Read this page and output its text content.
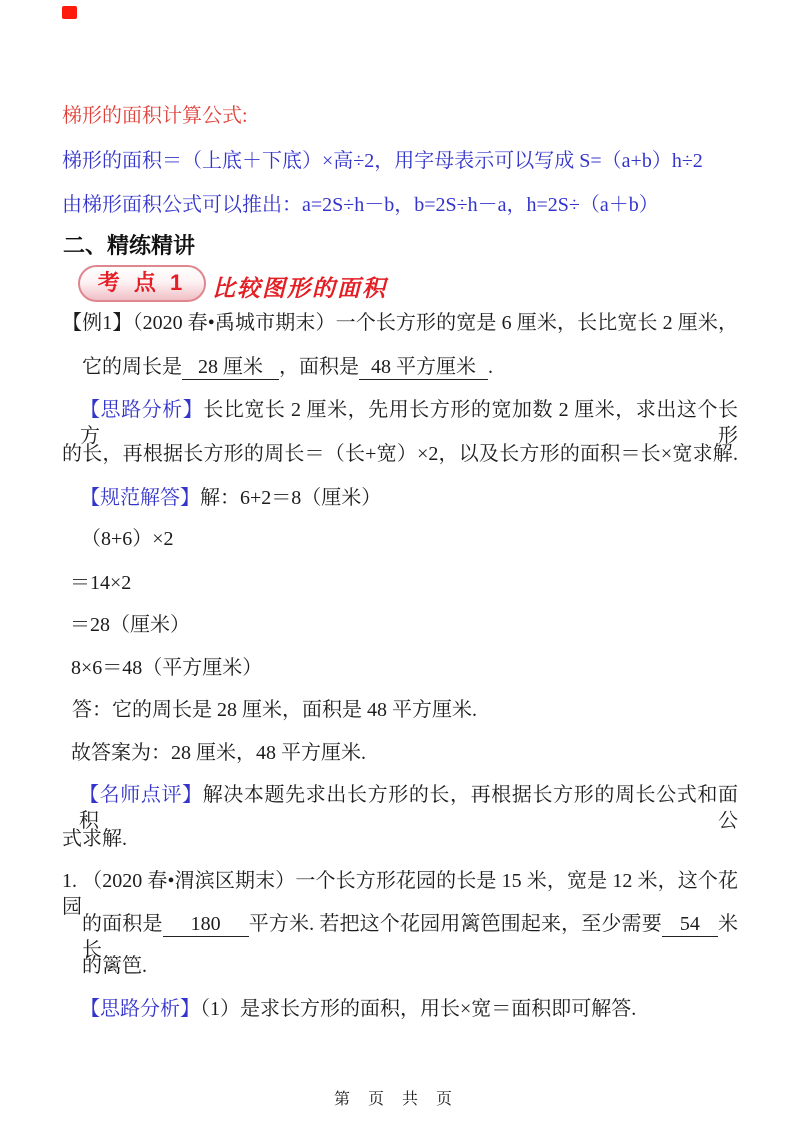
梯形的面积计算公式:
梯形的面积＝（上底＋下底）×高÷2，用字母表示可以写成 S=（a+b）h÷2
由梯形面积公式可以推出：a=2S÷h－b，b=2S÷h－a，h=2S÷（a＋b）
二、精练精讲
考 点 1 比较图形的面积
【例1】（2020 春•禹城市期末）一个长方形的宽是 6 厘米，长比宽长 2 厘米，
它的周长是 28 厘米 ，面积是 48 平方厘米 .
【思路分析】长比宽长 2 厘米，先用长方形的宽加数 2 厘米，求出这个长方形
的长，再根据长方形的周长＝（长+宽）×2，以及长方形的面积＝长×宽求解.
【规范解答】解：6+2＝8（厘米）
（8+6）×2
＝14×2
＝28（厘米）
8×6＝48（平方厘米）
答：它的周长是 28 厘米，面积是 48 平方厘米.
故答案为：28 厘米，48 平方厘米.
【名师点评】解决本题先求出长方形的长，再根据长方形的周长公式和面积公
式求解.
1. （2020 春•渭滨区期末）一个长方形花园的长是 15 米，宽是 12 米，这个花园
的面积是 180 平方米. 若把这个花园用篱笆围起来，至少需要 54 米长
的篱笆.
【思路分析】（1）是求长方形的面积，用长×宽＝面积即可解答.
第 页 共 页
